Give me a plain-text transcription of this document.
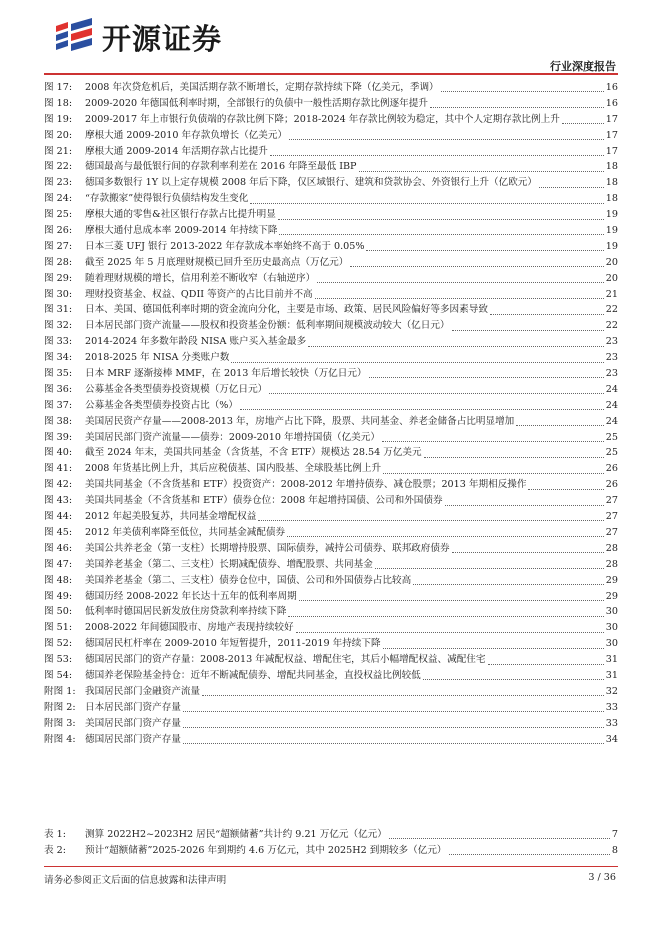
开源证券
行业深度报告
图 17:	2008 年次贷危机后，美国活期存款不断增长，定期存款持续下降（亿美元，季调）	16
图 18:	2009-2020 年德国低利率时期，全部银行的负债中一般性活期存款比例逐年提升	16
图 19:	2009-2017 年上市银行负债端的存款比例下降；2018-2024 年存款比例较为稳定，其中个人定期存款比例上升	17
图 20:	摩根大通 2009-2010 年存款负增长（亿美元）	17
图 21:	摩根大通 2009-2014 年活期存款占比提升	17
图 22:	德国最高与最低银行间的存款利率利差在 2016 年降至最低 IBP	18
图 23:	德国多数银行 1Y 以上定存规模 2008 年后下降，仅区域银行、建筑和贷款协会、外资银行上升（亿欧元）	18
图 24:	“存款搬家”使得银行负债结构发生变化	18
图 25:	摩根大通的零售&社区银行存款占比提升明显	19
图 26:	摩根大通付息成本率 2009-2014 年持续下降	19
图 27:	日本三菱 UFJ 银行 2013-2022 年存款成本率始终不高于 0.05%	19
图 28:	截至 2025 年 5 月底理财规模已回升至历史最高点（万亿元）	20
图 29:	随着理财规模的增长，信用利差不断收窄（右轴逆序）	20
图 30:	理财投资基金、权益、QDII 等资产的占比目前并不高	21
图 31:	日本、美国、德国低利率时期的资金流向分化，主要是市场、政策、居民风险偏好等多因素导致	22
图 32:	日本居民部门资产流量——股权和投资基金份额：低利率期间规模波动较大（亿日元）	22
图 33:	2014-2024 年多数年龄段 NISA 账户买入基金最多	23
图 34:	2018-2025 年 NISA 分类账户数	23
图 35:	日本 MRF 逐渐接棒 MMF，在 2013 年后增长较快（万亿日元）	23
图 36:	公募基金各类型债券投资规模（万亿日元）	24
图 37:	公募基金各类型债券投资占比（%）	24
图 38:	美国居民资产存量——2008-2013 年，房地产占比下降，股票、共同基金、养老金储备占比明显增加	24
图 39:	美国居民部门资产流量——债券：2009-2010 年增持国债（亿美元）	25
图 40:	截至 2024 年末，美国共同基金（含货基，不含 ETF）规模达 28.54 万亿美元	25
图 41:	2008 年货基比例上升，其后应税债基、国内股基、全球股基比例上升	26
图 42:	美国共同基金（不含货基和 ETF）投资资产：2008-2012 年增持债券、减仓股票；2013 年期相反操作	26
图 43:	美国共同基金（不含货基和 ETF）债券仓位：2008 年起增持国债、公司和外国债券	27
图 44:	2012 年起美股复苏，共同基金增配权益	27
图 45:	2012 年美债利率降至低位，共同基金减配债券	27
图 46:	美国公共养老金（第一支柱）长期增持股票、国际债券，减持公司债券、联邦政府债券	28
图 47:	美国养老基金（第二、三支柱）长期减配债券、增配股票、共同基金	28
图 48:	美国养老基金（第二、三支柱）债券仓位中，国债、公司和外国债券占比较高	29
图 49:	德国历经 2008-2022 年长达十五年的低利率周期	29
图 50:	低利率时德国居民新发放住房贷款利率持续下降	30
图 51:	2008-2022 年间德国股市、房地产表现持续较好	30
图 52:	德国居民杠杆率在 2009-2010 年短暂提升，2011-2019 年持续下降	30
图 53:	德国居民部门的资产存量：2008-2013 年减配权益、增配住宅，其后小幅增配权益、减配住宅	31
图 54:	德国养老保险基金持仓：近年不断减配债券、增配共同基金，直投权益比例较低	31
附图 1: 我国居民部门金融资产流量	32
附图 2: 日本居民部门资产存量	33
附图 3: 美国居民部门资产存量	33
附图 4: 德国居民部门资产存量	34
表 1:	测算 2022H2~2023H2 居民“超额储蓄”共计约 9.21 万亿元（亿元）	7
表 2:	预计“超额储蓄”2025-2026 年到期约 4.6 万亿元，其中 2025H2 到期较多（亿元）	8
请务必参阅正文后面的信息披露和法律声明	3 / 36
